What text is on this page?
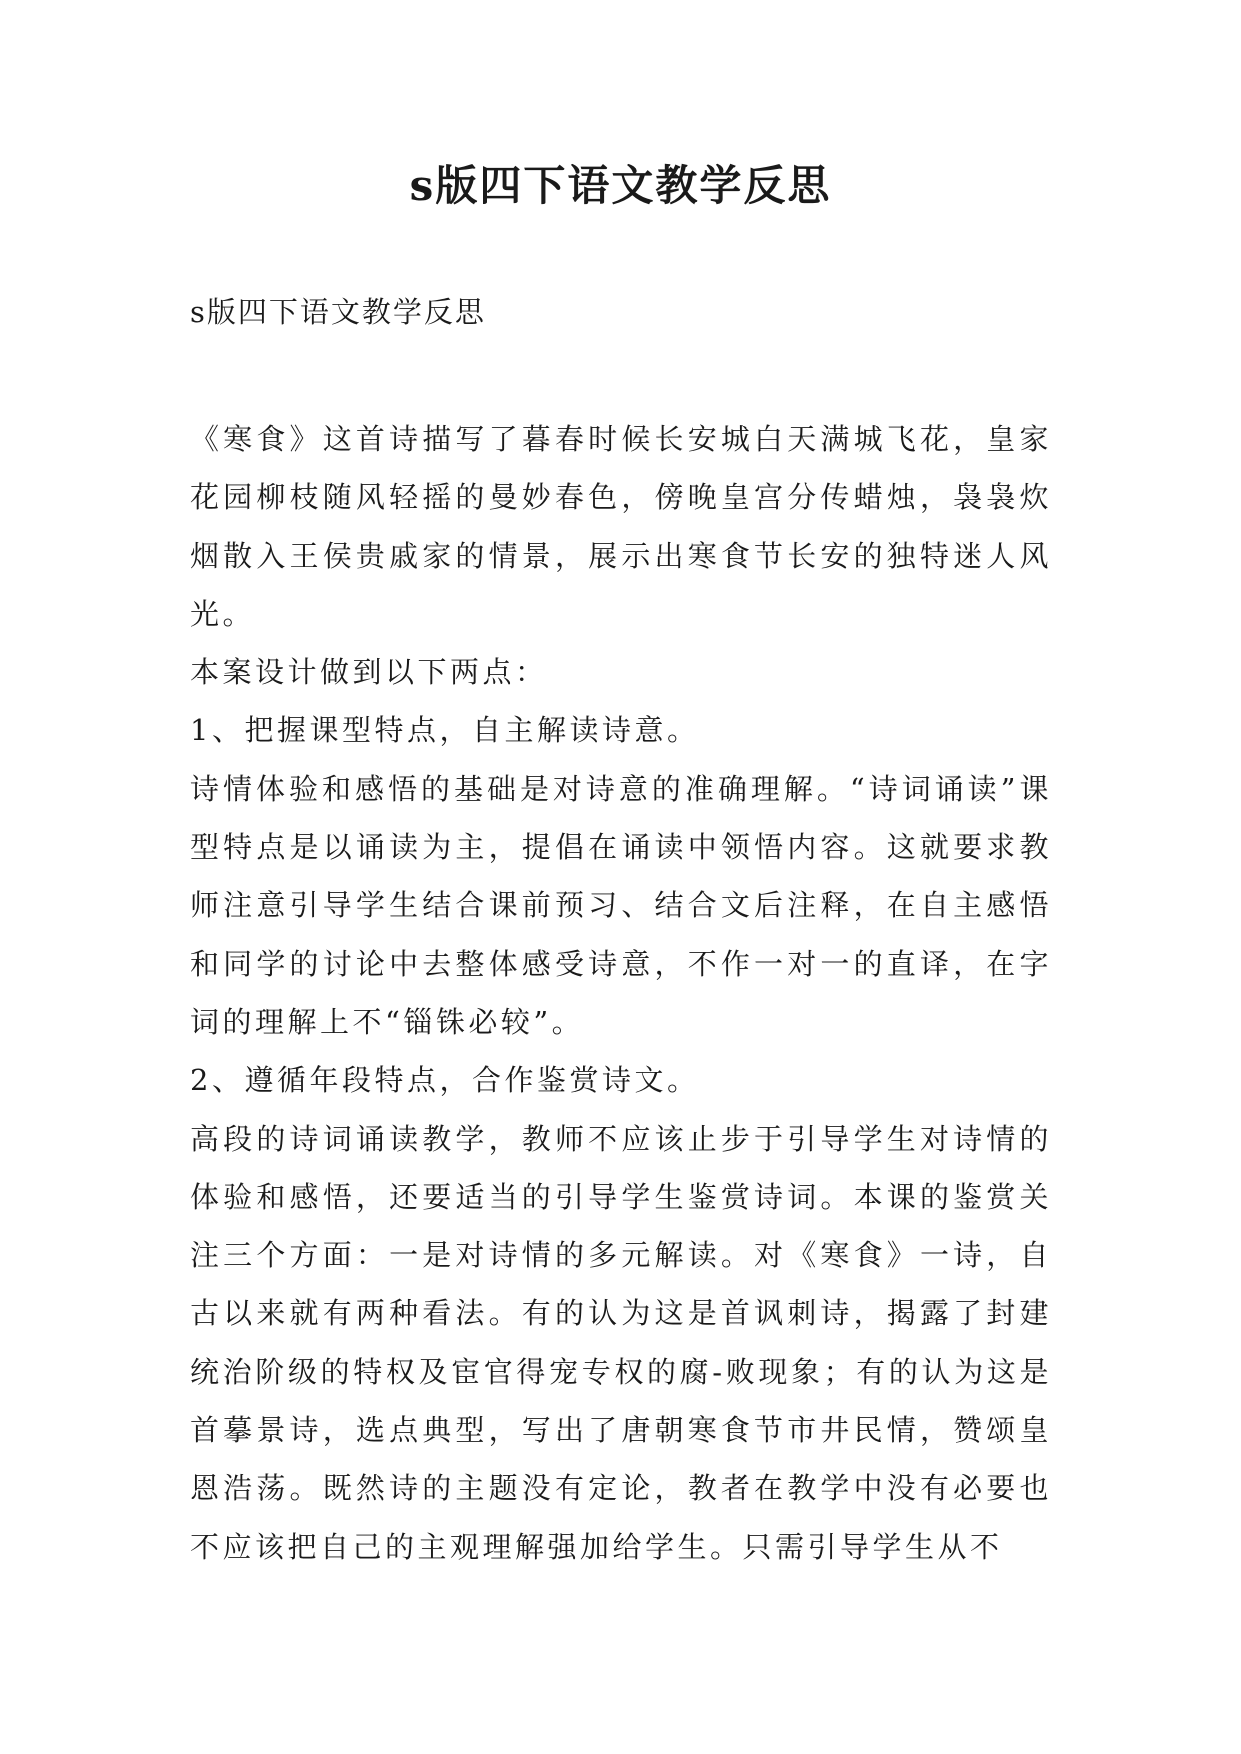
s版四下语文教学反思

s版四下语文教学反思

《寒食》这首诗描写了暮春时候长安城白天满城飞花，皇家花园柳枝随风轻摇的曼妙春色，傍晚皇宫分传蜡烛，袅袅炊烟散入王侯贵戚家的情景，展示出寒食节长安的独特迷人风光。

本案设计做到以下两点：

1、把握课型特点，自主解读诗意。

诗情体验和感悟的基础是对诗意的准确理解。“诗词诵读”课型特点是以诵读为主，提倡在诵读中领悟内容。这就要求教师注意引导学生结合课前预习、结合文后注释，在自主感悟和同学的讨论中去整体感受诗意，不作一对一的直译，在字词的理解上不“锱铢必较”。

2、遵循年段特点，合作鉴赏诗文。

高段的诗词诵读教学，教师不应该止步于引导学生对诗情的体验和感悟，还要适当的引导学生鉴赏诗词。本课的鉴赏关注三个方面：一是对诗情的多元解读。对《寒食》一诗，自古以来就有两种看法。有的认为这是首讽刺诗，揭露了封建统治阶级的特权及宦官得宠专权的腐-败现象；有的认为这是首摹景诗，选点典型，写出了唐朝寒食节市井民情，赞颂皇恩浩荡。既然诗的主题没有定论，教者在教学中没有必要也不应该把自己的主观理解强加给学生。只需引导学生从不
